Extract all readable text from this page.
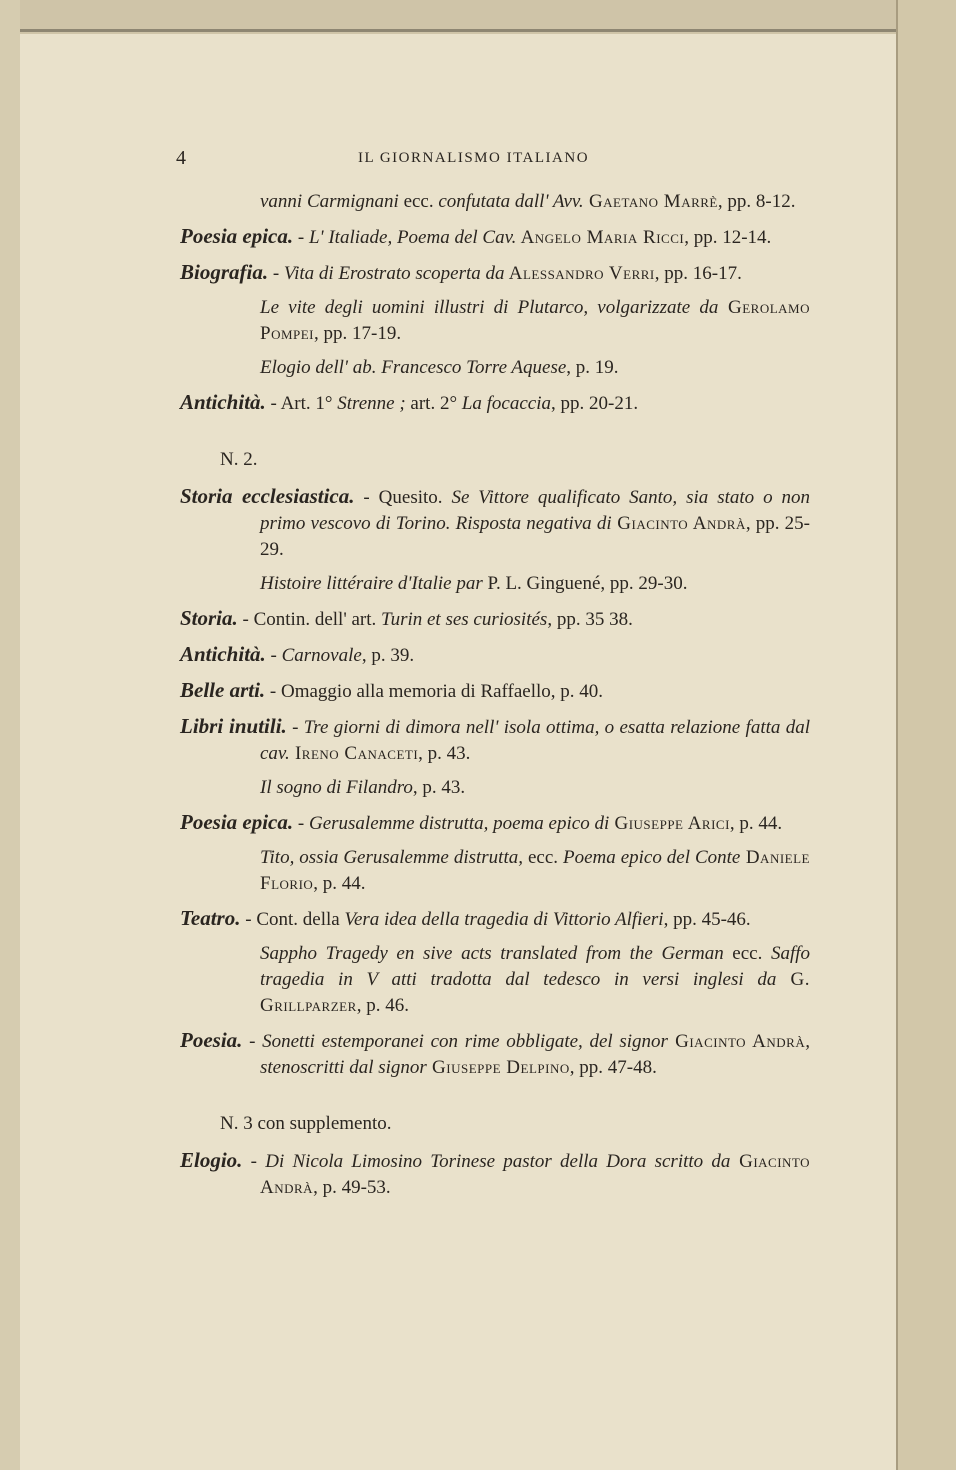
4	IL GIORNALISMO ITALIANO

vanni Carmignani ecc. confutata dall' Avv. Gaetano Marrè, pp. 8-12.

Poesia epica. - L' Italiade, Poema del Cav. Angelo Maria Ricci, pp. 12-14.

Biografia. - Vita di Erostrato scoperta da Alessandro Verri, pp. 16-17.

Le vite degli uomini illustri di Plutarco, volgarizzate da Gerolamo Pompei, pp. 17-19.

Elogio dell' ab. Francesco Torre Aquese, p. 19.

Antichità. - Art. 1° Strenne ; art. 2° La focaccia, pp. 20-21.

N. 2.

Storia ecclesiastica. - Quesito. Se Vittore qualificato Santo, sia stato o non primo vescovo di Torino. Risposta negativa di Giacinto Andrà, pp. 25-29.

Histoire littéraire d'Italie par P. L. Ginguené, pp. 29-30.

Storia. - Contin. dell' art. Turin et ses curiosités, pp. 35 38.

Antichità. - Carnovale, p. 39.

Belle arti. - Omaggio alla memoria di Raffaello, p. 40.

Libri inutili. - Tre giorni di dimora nell' isola ottima, o esatta relazione fatta dal cav. Ireno Canaceti, p. 43.

Il sogno di Filandro, p. 43.

Poesia epica. - Gerusalemme distrutta, poema epico di Giuseppe Arici, p. 44.

Tito, ossia Gerusalemme distrutta, ecc. Poema epico del Conte Daniele Florio, p. 44.

Teatro. - Cont. della Vera idea della tragedia di Vittorio Alfieri, pp. 45-46.

Sappho Tragedy en sive acts translated from the German ecc. Saffo tragedia in V atti tradotta dal tedesco in versi inglesi da G. Grillparzer, p. 46.

Poesia. - Sonetti estemporanei con rime obbligate, del signor Giacinto Andrà, stenoscritti dal signor Giuseppe Delpino, pp. 47-48.

N. 3 con supplemento.

Elogio. - Di Nicola Limosino Torinese pastor della Dora scritto da Giacinto Andrà, p. 49-53.
